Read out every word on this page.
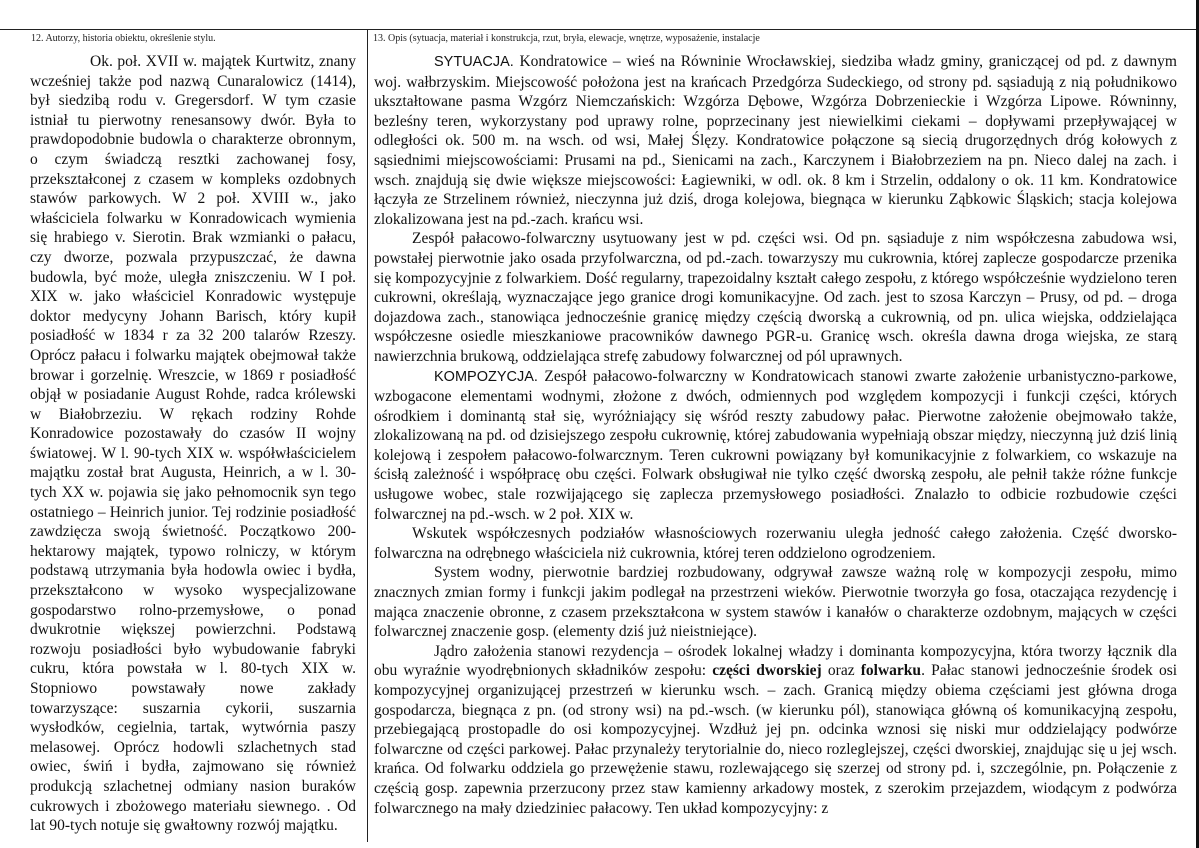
12. Autorzy, historia obiektu, określenie stylu.	13. Opis (sytuacja, materiał i konstrukcja, rzut, bryła, elewacje, wnętrze, wyposażenie, instalacje

Ok. poł. XVII w. majątek Kurtwitz, znany wcześniej także pod nazwą Cunaralowicz (1414), był siedzibą rodu v. Gregersdorf. W tym czasie istniał tu pierwotny renesansowy dwór. Była to prawdopodobnie budowla o charakterze obronnym, o czym świadczą resztki zachowanej fosy, przekształconej z czasem w kompleks ozdobnych stawów parkowych. W 2 poł. XVIII w., jako właściciela folwarku w Konradowicach wymienia się hrabiego v. Sierotin. Brak wzmianki o pałacu, czy dworze, pozwala przypuszczać, że dawna budowla, być może, uległa zniszczeniu. W I poł. XIX w. jako właściciel Konradowic występuje doktor medycyny Johann Barisch, który kupił posiadłość w 1834 r za 32 200 talarów Rzeszy. Oprócz pałacu i folwarku majątek obejmował także browar i gorzelnię. Wreszcie, w 1869 r posiadłość objął w posiadanie August Rohde, radca królewski w Białobrzeziu. W rękach rodziny Rohde Konradowice pozostawały do czasów II wojny światowej. W l. 90-tych XIX w. współwłaścicielem majątku został brat Augusta, Heinrich, a w l. 30-tych XX w. pojawia się jako pełnomocnik syn tego ostatniego – Heinrich junior. Tej rodzinie posiadłość zawdzięcza swoją świetność. Początkowo 200-hektarowy majątek, typowo rolniczy, w którym podstawą utrzymania była hodowla owiec i bydła, przekształcono w wysoko wyspecjalizowane gospodarstwo rolno-przemysłowe, o ponad dwukrotnie większej powierzchni. Podstawą rozwoju posiadłości było wybudowanie fabryki cukru, która powstała w l. 80-tych XIX w. Stopniowo powstawały nowe zakłady towarzyszące: suszarnia cykorii, suszarnia wysłodków, cegielnia, tartak, wytwórnia paszy melasowej. Oprócz hodowli szlachetnych stad owiec, świń i bydła, zajmowano się również produkcją szlachetnej odmiany nasion buraków cukrowych i zbożowego materiału siewnego. . Od lat 90-tych notuje się gwałtowny rozwój majątku.

SYTUACJA. Kondratowice – wieś na Równinie Wrocławskiej, siedziba władz gminy, graniczącej od pd. z dawnym woj. wałbrzyskim. Miejscowość położona jest na krańcach Przedgórza Sudeckiego, od strony pd. sąsiadują z nią południkowo ukształtowane pasma Wzgórz Niemczańskich: Wzgórza Dębowe, Wzgórza Dobrzenieckie i Wzgórza Lipowe. Równinny, bezleśny teren, wykorzystany pod uprawy rolne, poprzecinany jest niewielkimi ciekami – dopływami przepływającej w odległości ok. 500 m. na wsch. od wsi, Małej Ślęzy. Kondratowice połączone są siecią drugorzędnych dróg kołowych z sąsiednimi miejscowościami: Prusami na pd., Sienicami na zach., Karczynem i Białobrzeziem na pn. Nieco dalej na zach. i wsch. znajdują się dwie większe miejscowości: Łagiewniki, w odl. ok. 8 km i Strzelin, oddalony o ok. 11 km. Kondratowice łączyła ze Strzelinem również, nieczynna już dziś, droga kolejowa, biegnąca w kierunku Ząbkowic Śląskich; stacja kolejowa zlokalizowana jest na pd.-zach. krańcu wsi.

Zespół pałacowo-folwarczny usytuowany jest w pd. części wsi. Od pn. sąsiaduje z nim współczesna zabudowa wsi, powstałej pierwotnie jako osada przyfolwarczna, od pd.-zach. towarzyszy mu cukrownia, której zaplecze gospodarcze przenika się kompozycyjnie z folwarkiem. Dość regularny, trapezoidalny kształt całego zespołu, z którego współcześnie wydzielono teren cukrowni, określają, wyznaczające jego granice drogi komunikacyjne. Od zach. jest to szosa Karczyn – Prusy, od pd. – droga dojazdowa zach., stanowiąca jednocześnie granicę między częścią dworską a cukrownią, od pn. ulica wiejska, oddzielająca współczesne osiedle mieszkaniowe pracowników dawnego PGR-u. Granicę wsch. określa dawna droga wiejska, ze starą nawierzchnia brukową, oddzielająca strefę zabudowy folwarcznej od pól uprawnych.

KOMPOZYCJA. Zespół pałacowo-folwarczny w Kondratowicach stanowi zwarte założenie urbanistyczno-parkowe, wzbogacone elementami wodnymi, złożone z dwóch, odmiennych pod względem kompozycji i funkcji części, których ośrodkiem i dominantą stał się, wyróżniający się wśród reszty zabudowy pałac. Pierwotne założenie obejmowało także, zlokalizowaną na pd. od dzisiejszego zespołu cukrownię, której zabudowania wypełniają obszar między, nieczynną już dziś linią kolejową i zespołem pałacowo-folwarcznym. Teren cukrowni powiązany był komunikacyjnie z folwarkiem, co wskazuje na ścisłą zależność i współpracę obu części. Folwark obsługiwał nie tylko część dworską zespołu, ale pełnił także różne funkcje usługowe wobec, stale rozwijającego się zaplecza przemysłowego posiadłości. Znalazło to odbicie rozbudowie części folwarcznej na pd.-wsch. w 2 poł. XIX w.

Wskutek współczesnych podziałów własnościowych rozerwaniu uległa jedność całego założenia. Część dworsko-folwarczna na odrębnego właściciela niż cukrownia, której teren oddzielono ogrodzeniem.

System wodny, pierwotnie bardziej rozbudowany, odgrywał zawsze ważną rolę w kompozycji zespołu, mimo znacznych zmian formy i funkcji jakim podlegał na przestrzeni wieków. Pierwotnie tworzyła go fosa, otaczająca rezydencję i mająca znaczenie obronne, z czasem przekształcona w system stawów i kanałów o charakterze ozdobnym, mających w części folwarcznej znaczenie gosp. (elementy dziś już nieistniejące).

Jądro założenia stanowi rezydencja – ośrodek lokalnej władzy i dominanta kompozycyjna, która tworzy łącznik dla obu wyraźnie wyodrębnionych składników zespołu: części dworskiej oraz folwarku. Pałac stanowi jednocześnie środek osi kompozycyjnej organizującej przestrzeń w kierunku wsch. – zach. Granicą między obiema częściami jest główna droga gospodarcza, biegnąca z pn. (od strony wsi) na pd.-wsch. (w kierunku pól), stanowiąca główną oś komunikacyjną zespołu, przebiegającą prostopadle do osi kompozycyjnej. Wzdłuż jej pn. odcinka wznosi się niski mur oddzielający podwórze folwarczne od części parkowej. Pałac przynależy terytorialnie do, nieco rozleglejszej, części dworskiej, znajdując się u jej wsch. krańca. Od folwarku oddziela go przewężenie stawu, rozlewającego się szerzej od strony pd. i, szczególnie, pn. Połączenie z częścią gosp. zapewnia przerzucony przez staw kamienny arkadowy mostek, z szerokim przejazdem, wiodącym z podwórza folwarcznego na mały dziedziniec pałacowy. Ten układ kompozycyjny: z
